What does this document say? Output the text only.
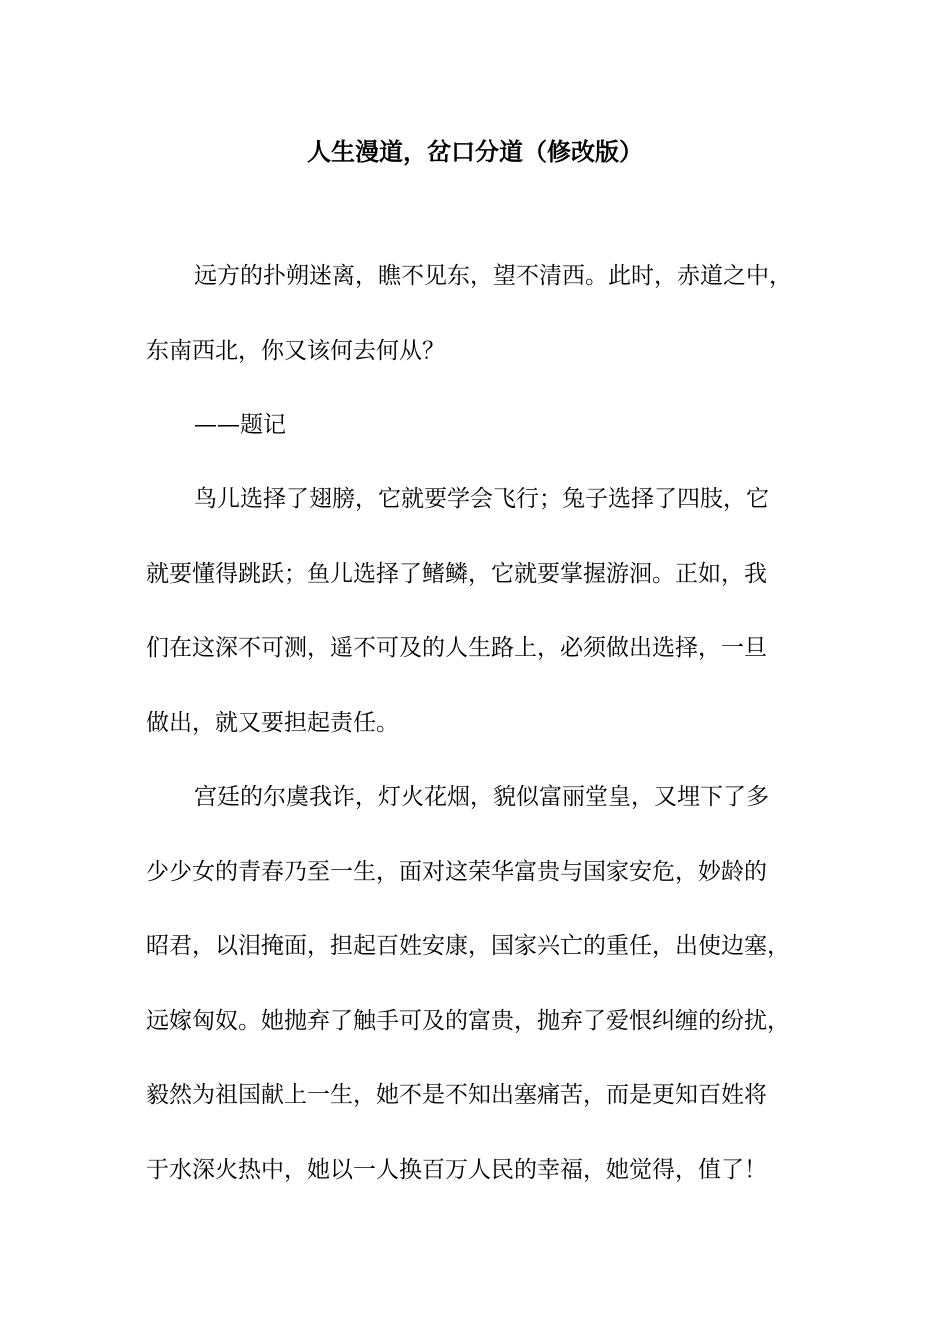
人生漫道，岔口分道（修改版）
远方的扑朔迷离，瞧不见东，望不清西。此时，赤道之中，
东南西北，你又该何去何从？
——题记
鸟儿选择了翅膀，它就要学会飞行；兔子选择了四肢，它
就要懂得跳跃；鱼儿选择了鳍鳞，它就要掌握游洄。正如，我
们在这深不可测，遥不可及的人生路上，必须做出选择，一旦
做出，就又要担起责任。
宫廷的尔虞我诈，灯火花烟，貌似富丽堂皇，又埋下了多
少少女的青春乃至一生，面对这荣华富贵与国家安危，妙龄的
昭君，以泪掩面，担起百姓安康，国家兴亡的重任，出使边塞，
远嫁匈奴。她抛弃了触手可及的富贵，抛弃了爱恨纠缠的纷扰，
毅然为祖国献上一生，她不是不知出塞痛苦，而是更知百姓将
于水深火热中，她以一人换百万人民的幸福，她觉得，值了！
